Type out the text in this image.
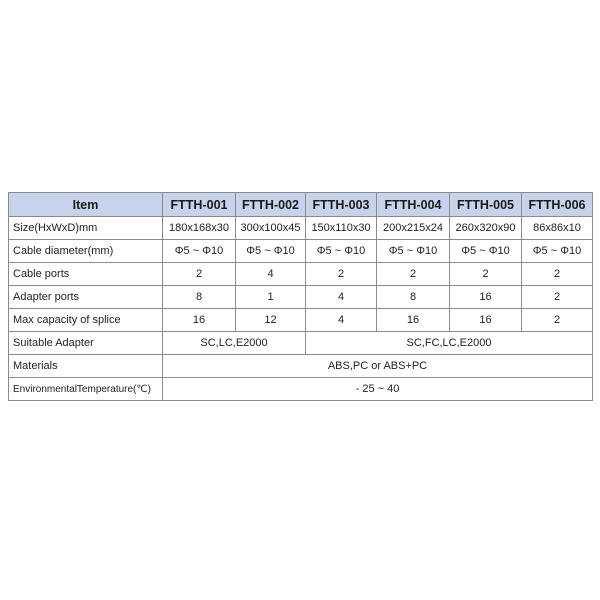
Item	FTTH-001	FTTH-002	FTTH-003	FTTH-004	FTTH-005	FTTH-006
Size(HxWxD)mm	180x168x30	300x100x45	150x110x30	200x215x24	260x320x90	86x86x10
Cable diameter(mm)	Φ5 ~ Φ10	Φ5 ~ Φ10	Φ5 ~ Φ10	Φ5 ~ Φ10	Φ5 ~ Φ10	Φ5 ~ Φ10
Cable ports	2	4	2	2	2	2
Adapter ports	8	1	4	8	16	2
Max capacity of splice	16	12	4	16	16	2
Suitable Adapter	SC,LC,E2000		SC,FC,LC,E2000			
Materials	ABS,PC or ABS+PC					
EnvironmentalTemperature(℃)	- 25 ~ 40					
